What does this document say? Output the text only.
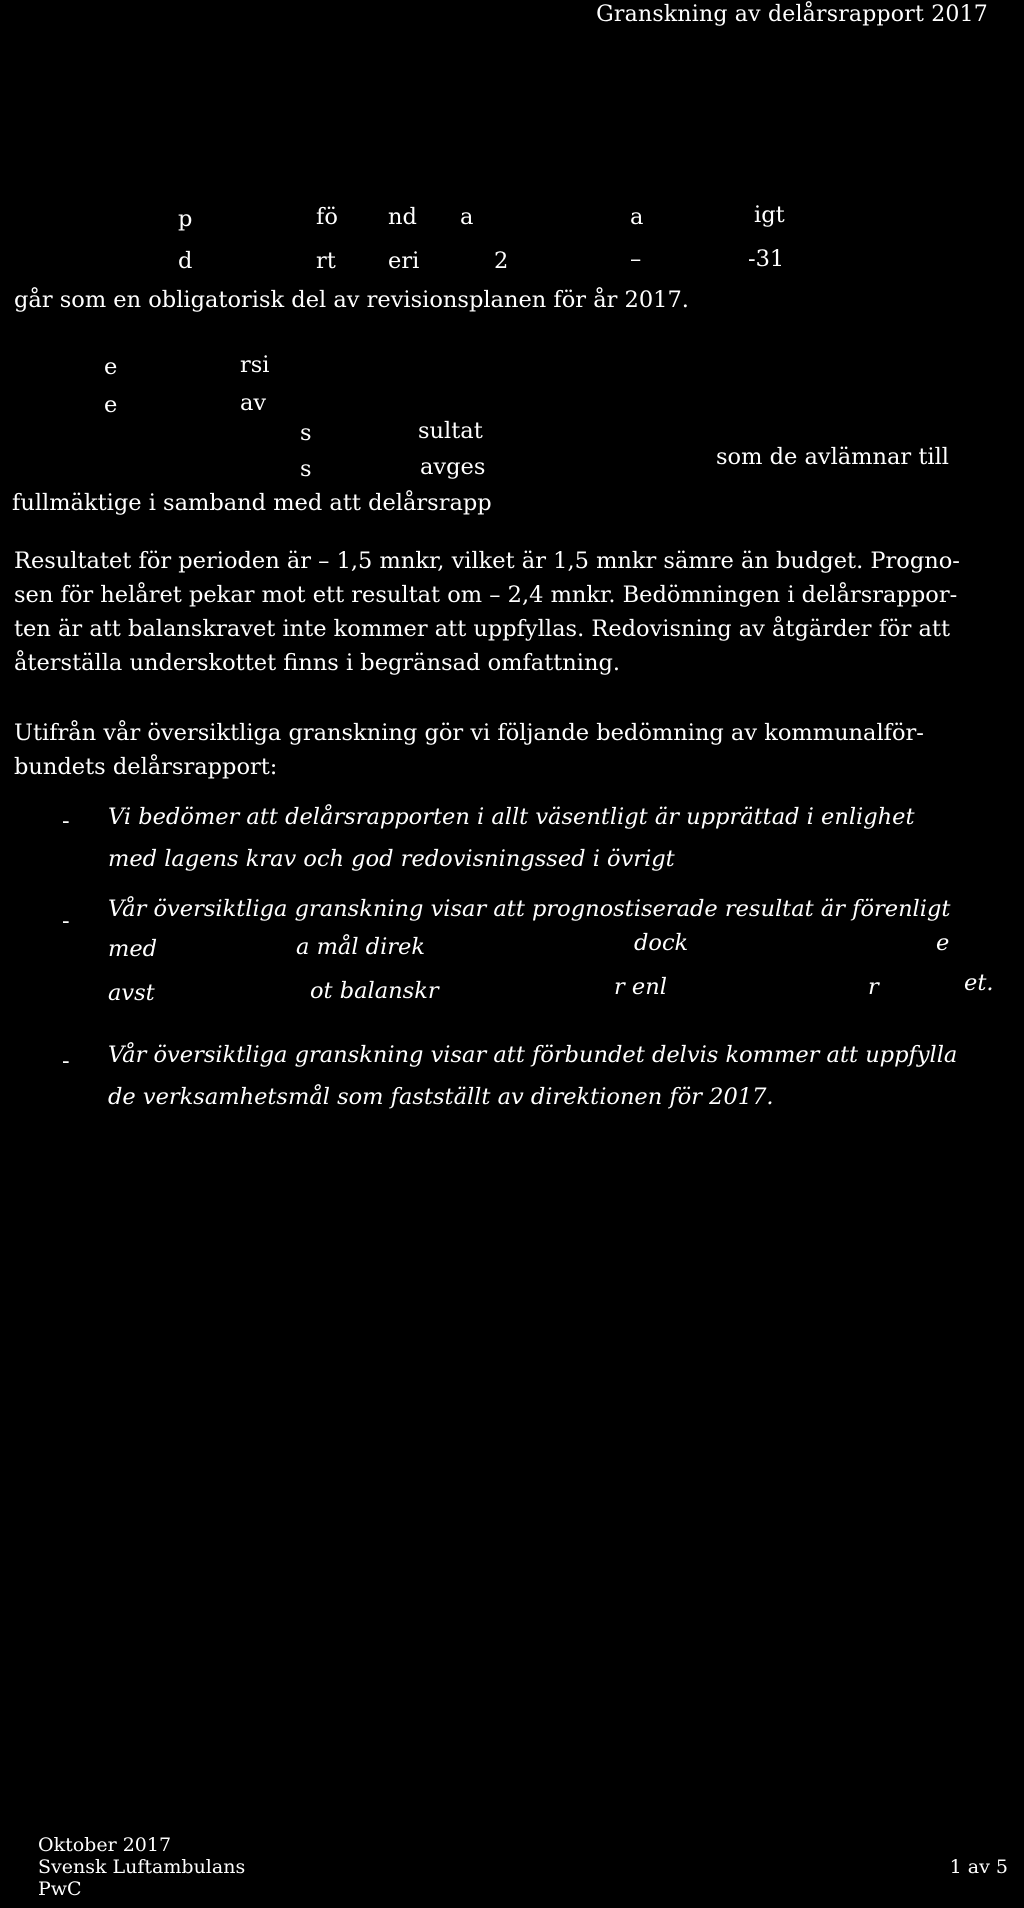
Granskning av delårsrapport 2017
p	fö nd a	a	igt
d	rt eri	2	–	-31
går som en obligatorisk del av revisionsplanen för år 2017.
e	rsi
e	av
s	sultat
s	avges	som de avlämnar till
fullmäktige i samband med att delårsrapp
Resultatet för perioden är – 1,5 mnkr, vilket är 1,5 mnkr sämre än budget. Progno-
sen för helåret pekar mot ett resultat om – 2,4 mnkr. Bedömningen i delårsrappor-
ten är att balanskravet inte kommer att uppfyllas. Redovisning av åtgärder för att
återställa underskottet finns i begränsad omfattning.
Utifrån vår översiktliga granskning gör vi följande bedömning av kommunalför-
bundets delårsrapport:
- Vi bedömer att delårsrapporten i allt väsentligt är upprättad i enlighet
med lagens krav och god redovisningssed i övrigt
- Vår översiktliga granskning visar att prognostiserade resultat är förenligt
med	a mål direk	dock	e
avst	ot balanskr	r enl	r	et.
- Vår översiktliga granskning visar att förbundet delvis kommer att uppfylla
de verksamhetsmål som fastställt av direktionen för 2017.
Oktober 2017
Svensk Luftambulans
PwC
1 av 5
